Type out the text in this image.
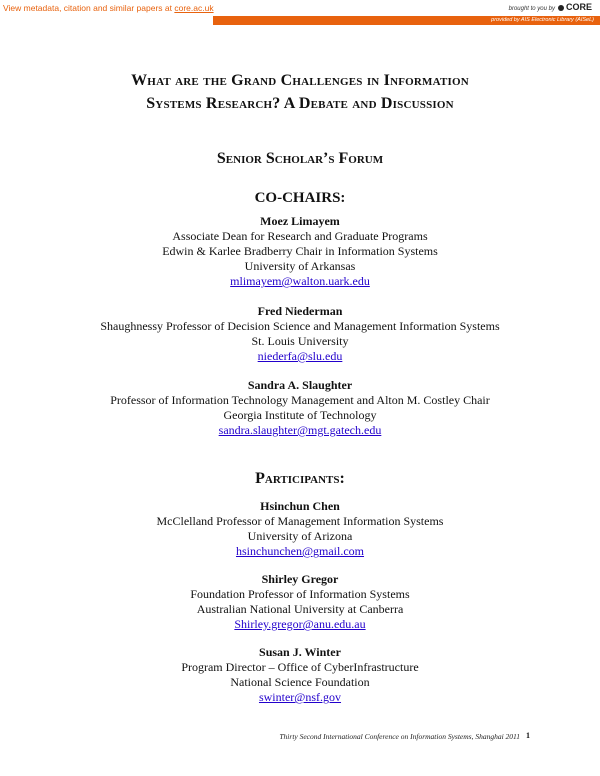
View metadata, citation and similar papers at core.ac.uk	brought to you by CORE
provided by AIS Electronic Library (AISeL)
What are the Grand Challenges in Information
Systems Research? A Debate and Discussion
Senior Scholar’s Forum
CO-CHAIRS:
Moez Limayem
Associate Dean for Research and Graduate Programs
Edwin & Karlee Bradberry Chair in Information Systems
University of Arkansas
mlimayem@walton.uark.edu
Fred Niederman
Shaughnessy Professor of Decision Science and Management Information Systems
St. Louis University
niederfa@slu.edu
Sandra A. Slaughter
Professor of Information Technology Management and Alton M. Costley Chair
Georgia Institute of Technology
sandra.slaughter@mgt.gatech.edu
Participants:
Hsinchun Chen
McClelland Professor of Management Information Systems
University of Arizona
hsinchunchen@gmail.com
Shirley Gregor
Foundation Professor of Information Systems
Australian National University at Canberra
Shirley.gregor@anu.edu.au
Susan J. Winter
Program Director – Office of CyberInfrastructure
National Science Foundation
swinter@nsf.gov
Thirty Second International Conference on Information Systems, Shanghai 2011 1
